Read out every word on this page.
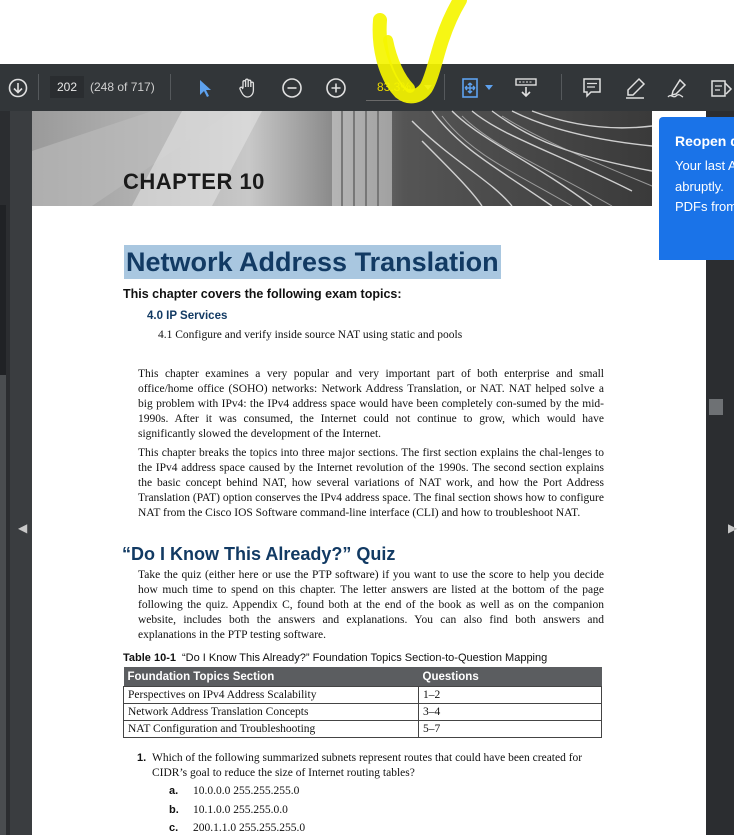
202	(248 of 717)	83.3%
◀	▶
CHAPTER 10
Network Address Translation
This chapter covers the following exam topics:
4.0 IP Services
4.1 Configure and verify inside source NAT using static and pools
This chapter examines a very popular and very important part of both enterprise and small office/home office (SOHO) networks: Network Address Translation, or NAT. NAT helped solve a big problem with IPv4: the IPv4 address space would have been completely con-sumed by the mid-1990s. After it was consumed, the Internet could not continue to grow, which would have significantly slowed the development of the Internet.
This chapter breaks the topics into three major sections. The first section explains the chal-lenges to the IPv4 address space caused by the Internet revolution of the 1990s. The second section explains the basic concept behind NAT, how several variations of NAT work, and how the Port Address Translation (PAT) option conserves the IPv4 address space. The final section shows how to configure NAT from the Cisco IOS Software command-line interface (CLI) and how to troubleshoot NAT.
“Do I Know This Already?” Quiz
Take the quiz (either here or use the PTP software) if you want to use the score to help you decide how much time to spend on this chapter. The letter answers are listed at the bottom of the page following the quiz. Appendix C, found both at the end of the book as well as on the companion website, includes both the answers and explanations. You can also find both answers and explanations in the PTP testing software.
Table 10-1 “Do I Know This Already?” Foundation Topics Section-to-Question Mapping
Foundation Topics Section	Questions
Perspectives on IPv4 Address Scalability	1–2
Network Address Translation Concepts	3–4
NAT Configuration and Troubleshooting	5–7
1. Which of the following summarized subnets represent routes that could have been created for CIDR’s goal to reduce the size of Internet routing tables?
a. 10.0.0.0 255.255.255.0
b. 10.1.0.0 255.255.0.0
c. 200.1.1.0 255.255.255.0
Reopen d
Your last A
abruptly.
PDFs from
